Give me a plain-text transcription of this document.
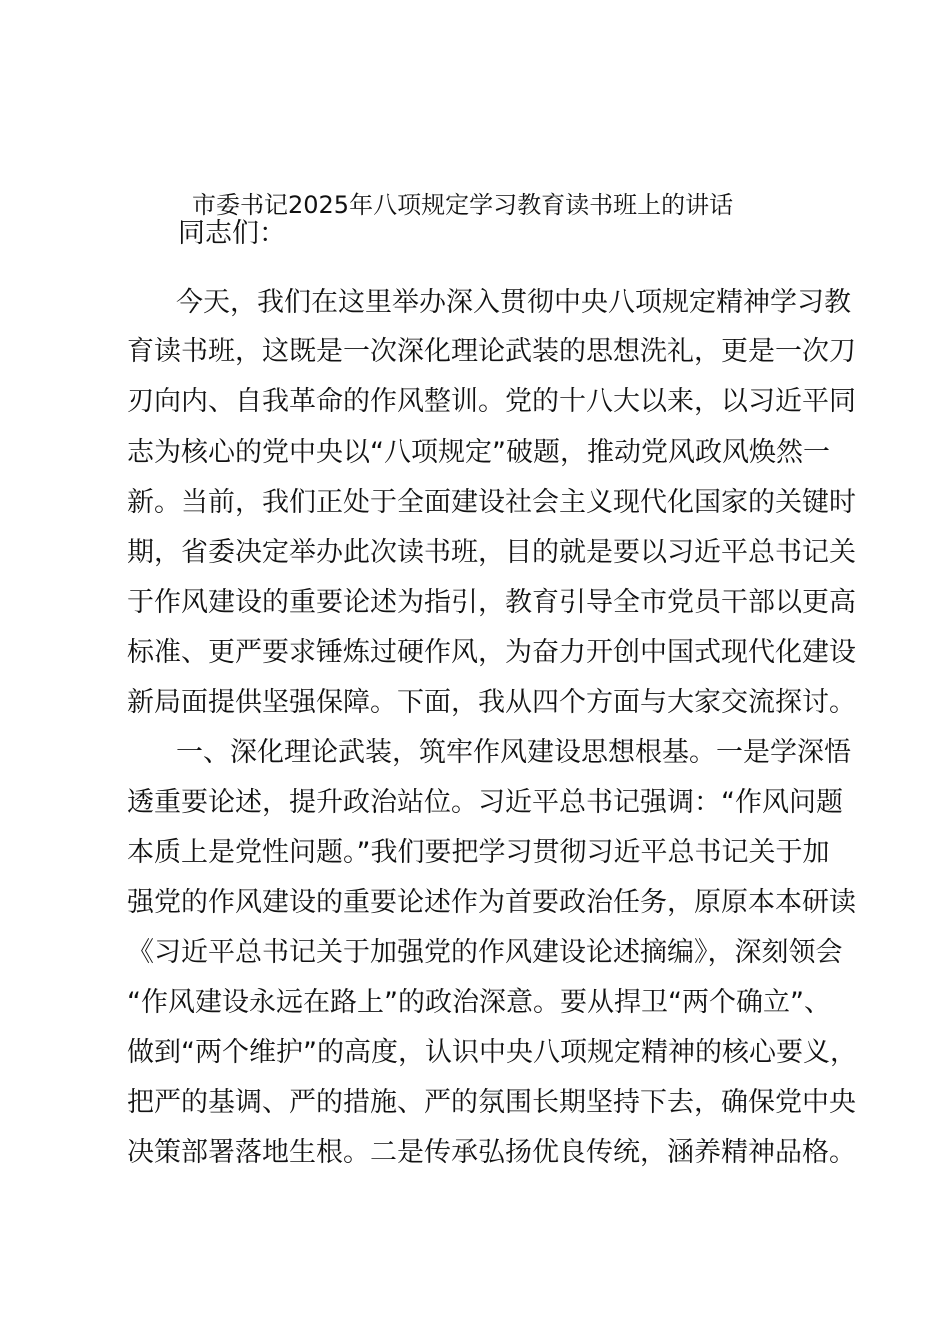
市委书记2025年八项规定学习教育读书班上的讲话
同志们：
今天，我们在这里举办深入贯彻中央八项规定精神学习教
育读书班，这既是一次深化理论武装的思想洗礼，更是一次刀
刃向内、自我革命的作风整训。党的十八大以来，以习近平同
志为核心的党中央以“八项规定”破题，推动党风政风焕然一
新。当前，我们正处于全面建设社会主义现代化国家的关键时
期，省委决定举办此次读书班，目的就是要以习近平总书记关
于作风建设的重要论述为指引，教育引导全市党员干部以更高
标准、更严要求锤炼过硬作风，为奋力开创中国式现代化建设
新局面提供坚强保障。下面，我从四个方面与大家交流探讨。
一、深化理论武装，筑牢作风建设思想根基。一是学深悟
透重要论述，提升政治站位。习近平总书记强调：“作风问题
本质上是党性问题。”我们要把学习贯彻习近平总书记关于加
强党的作风建设的重要论述作为首要政治任务，原原本本研读
《习近平总书记关于加强党的作风建设论述摘编》，深刻领会
“作风建设永远在路上”的政治深意。要从捍卫“两个确立”、
做到“两个维护”的高度，认识中央八项规定精神的核心要义，
把严的基调、严的措施、严的氛围长期坚持下去，确保党中央
决策部署落地生根。二是传承弘扬优良传统，涵养精神品格。
